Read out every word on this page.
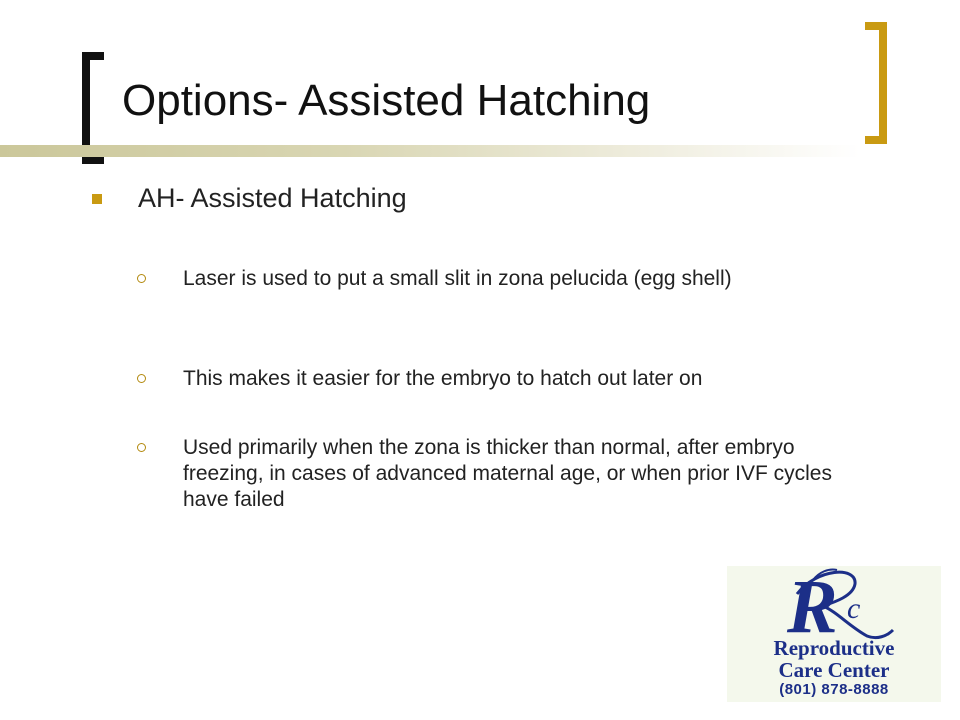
Options- Assisted Hatching
AH- Assisted Hatching
Laser is used to put a small slit in zona pelucida (egg shell)
This makes it easier for the embryo to hatch out later on
Used primarily when the zona is thicker than normal, after embryo freezing, in cases of advanced maternal age, or when prior IVF cycles have failed
R c
Reproductive
Care Center
(801) 878-8888
